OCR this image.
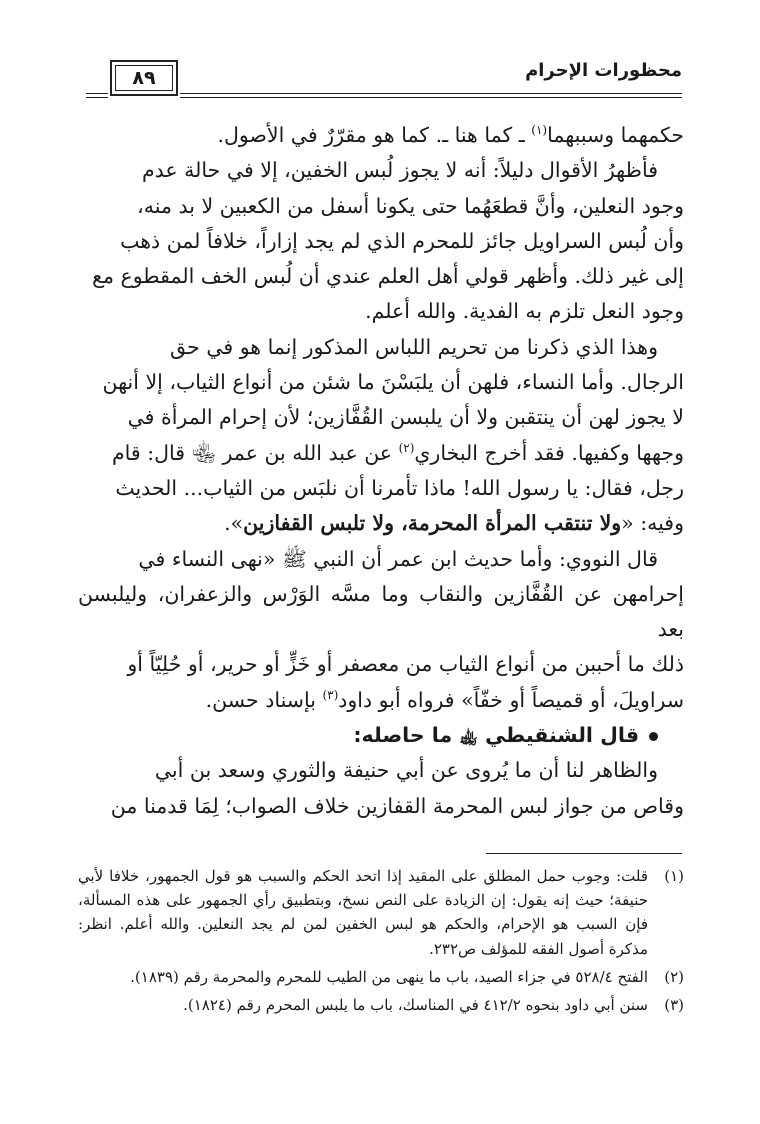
محظورات الإحرام
٨٩

حكمهما وسببهما$^{(١)}$ ـ كما هنا ـ. كما هو مقرّرٌ في الأصول.

فأظهرُ الأقوال دليلاً: أنه لا يجوز لُبس الخفين، إلا في حالة عدم

وجود النعلين، وأنَّ قطعَهُما حتى يكونا أسفل من الكعبين لا بد منه،

وأن لُبس السراويل جائز للمحرم الذي لم يجد إزاراً، خلافاً لمن ذهب

إلى غير ذلك. وأظهر قولي أهل العلم عندي أن لُبس الخف المقطوع مع

وجود النعل تلزم به الفدية. والله أعلم.

وهذا الذي ذكرنا من تحريم اللباس المذكور إنما هو في حق

الرجال. وأما النساء، فلهن أن يلبَسْنَ ما شئن من أنواع الثياب، إلا أنهن

لا يجوز لهن أن ينتقبن ولا أن يلبسن القُفَّازين؛ لأن إحرام المرأة في

وجهها وكفيها. فقد أخرج البخاري$^{(٢)}$ عن عبد الله بن عمر ﵄ قال: قام

رجل، فقال: يا رسول الله! ماذا تأمرنا أن نلبَس من الثياب... الحديث

وفيه: «ولا تنتقب المرأة المحرمة، ولا تلبس القفازين».

قال النووي: وأما حديث ابن عمر أن النبي ﷺ «نهى النساء في

إحرامهن عن القُفَّازين والنقاب وما مسَّه الوَرْس والزعفران، وليلبسن بعد

ذلك ما أحببن من أنواع الثياب من معصفر أو خَزٍّ أو حرير، أو حُلِيّاً أو

سراويلَ، أو قميصاً أو خفّاً» فرواه أبو داود$^{(٣)}$ بإسناد حسن.

قال الشنقيطي ﵀ ما حاصله:

والظاهر لنا أن ما يُروى عن أبي حنيفة والثوري وسعد بن أبي

وقاص من جواز لبس المحرمة القفازين خلاف الصواب؛ لِمَا قدمنا من

(١)
قلت: وجوب حمل المطلق على المقيد إذا اتحد الحكم والسبب هو قول الجمهور، خلافا لأبي حنيفة؛ حيث إنه يقول: إن الزيادة على النص نسخ، وبتطبيق رأي الجمهور على هذه المسألة، فإن السبب هو الإحرام، والحكم هو لبس الخفين لمن لم يجد النعلين. والله أعلم. انظر: مذكرة أصول الفقه للمؤلف ص٢٣٢.
(٢)
الفتح ٥٢٨/٤ في جزاء الصيد، باب ما ينهى من الطيب للمحرم والمحرمة رقم (١٨٣٩).
(٣)
سنن أبي داود بنحوه ٤١٢/٢ في المناسك، باب ما يلبس المحرم رقم (١٨٢٤).
